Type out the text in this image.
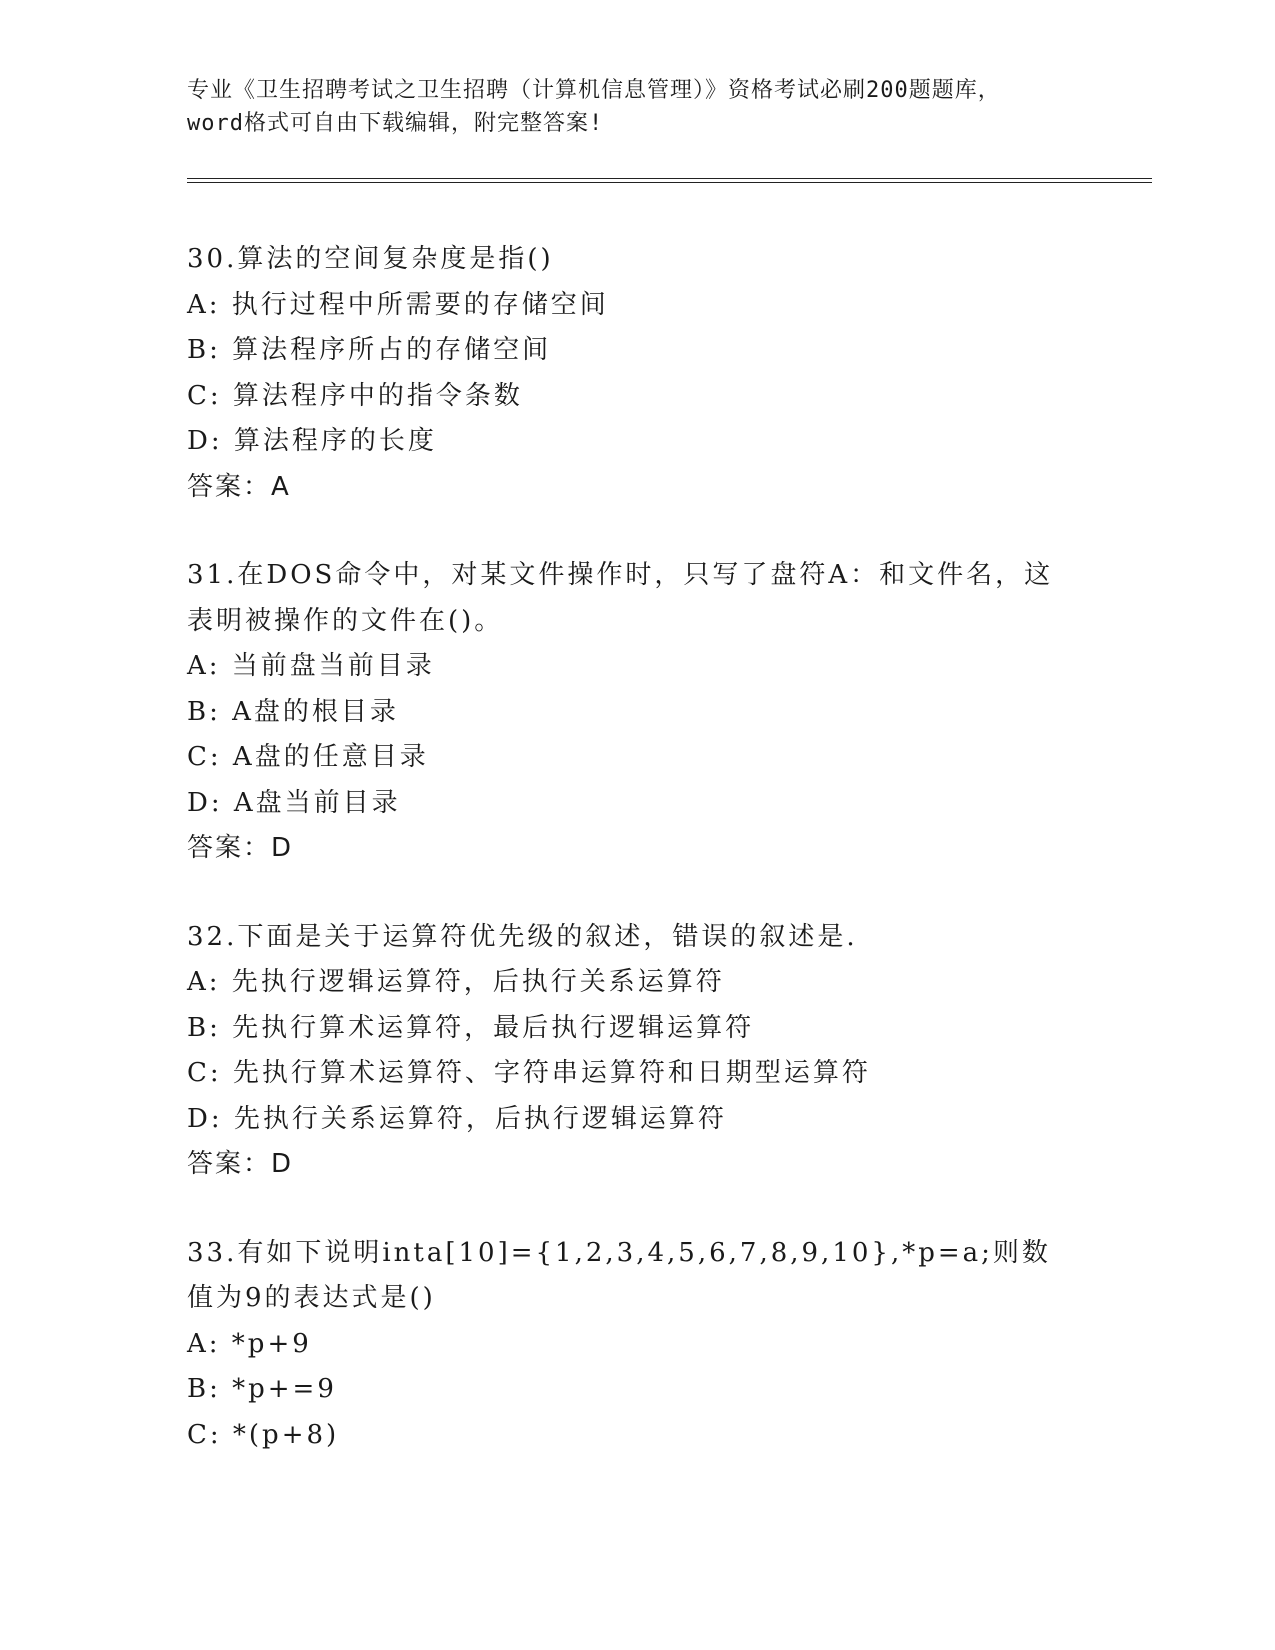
专业《卫生招聘考试之卫生招聘（计算机信息管理）》资格考试必刷200题题库，
word格式可自由下载编辑，附完整答案!
30.算法的空间复杂度是指()
A: 执行过程中所需要的存储空间
B: 算法程序所占的存储空间
C: 算法程序中的指令条数
D: 算法程序的长度
答案：A
31.在DOS命令中，对某文件操作时，只写了盘符A：和文件名，这表明被操作的文件在()。
A: 当前盘当前目录
B: A盘的根目录
C: A盘的任意目录
D: A盘当前目录
答案：D
32.下面是关于运算符优先级的叙述，错误的叙述是.
A: 先执行逻辑运算符，后执行关系运算符
B: 先执行算术运算符，最后执行逻辑运算符
C: 先执行算术运算符、字符串运算符和日期型运算符
D: 先执行关系运算符，后执行逻辑运算符
答案：D
33.有如下说明inta[10]={1,2,3,4,5,6,7,8,9,10},*p=a;则数值为9的表达式是()
A: *p+9
B: *p+=9
C: *(p+8)
